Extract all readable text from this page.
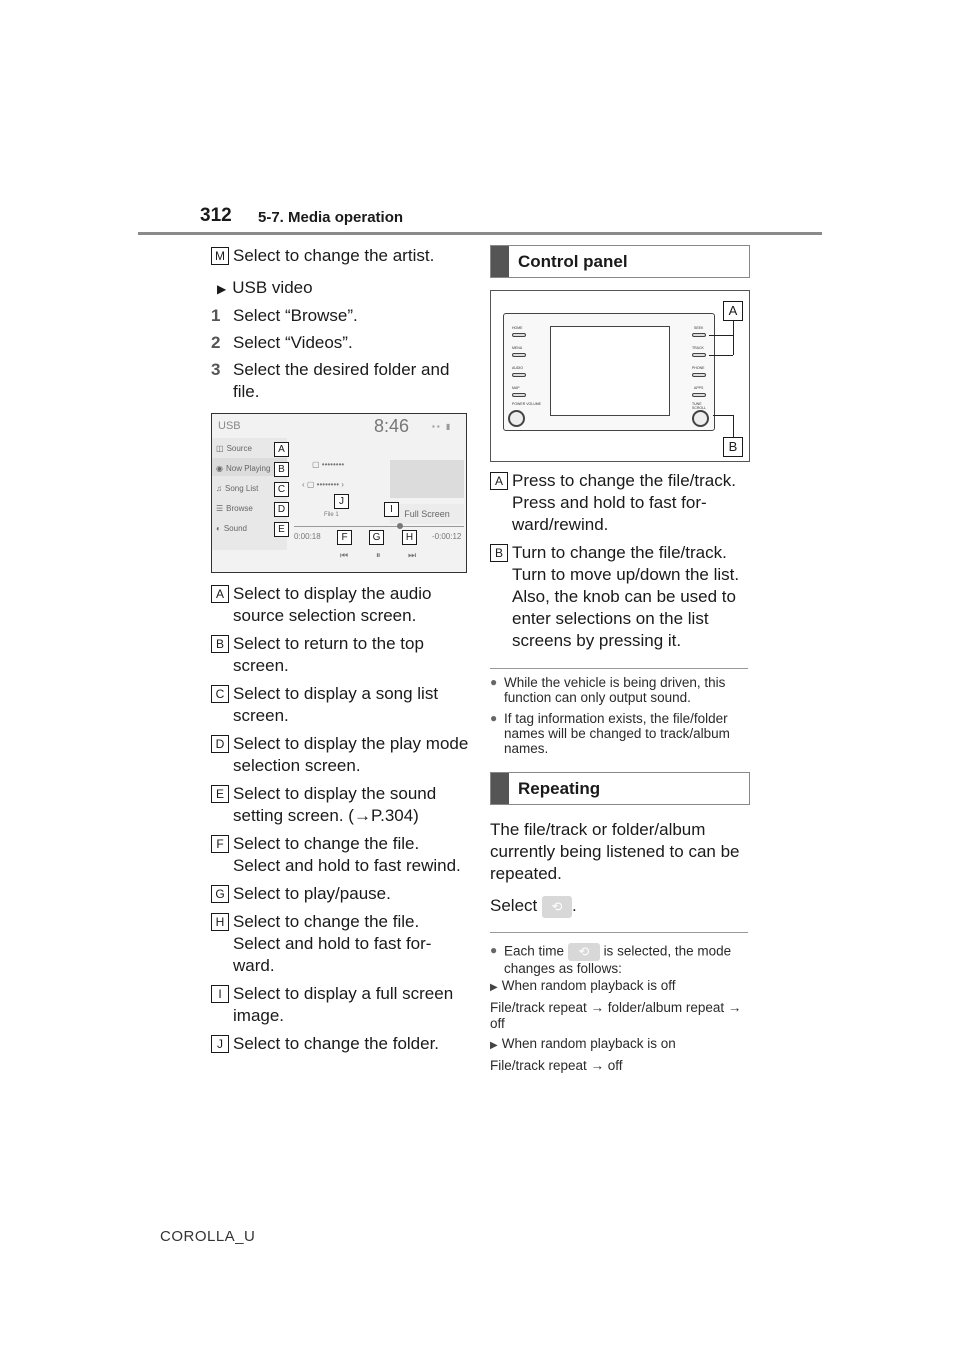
312 5-7. Media operation
M Select to change the artist.
▶ USB video
1 Select “Browse”.
2 Select “Videos”.
3 Select the desired folder and file.
USB	8:46	▪▪ ▮
◫ Source
◉ Now Playing
♫ Song List
☰ Browse
◐ Sound
▢ ••••••••
‹ ▢ •••••••• ›
File 1	Full Screen
0:00:18	-0:00:12
⏮	⏸	⏭
A
B
C
D
E
F	G	H
I
J
A Select to display the audio source selection screen.
B Select to return to the top screen.
C Select to display a song list screen.
D Select to display the play mode selection screen.
E Select to display the sound setting screen. (→P.304)
F Select to change the file. Select and hold to fast rewind.
G Select to play/pause.
H Select to change the file. Select and hold to fast for-ward.
I Select to display a full screen image.
J Select to change the folder.
Control panel
HOME
MENU
AUDIO
MAP
POWER VOLUME
SEEK
TRACK
PHONE
APPS
TUNE SCROLL
A
B
A Press to change the file/track. Press and hold to fast for-ward/rewind.
B Turn to change the file/track. Turn to move up/down the list. Also, the knob can be used to enter selections on the list screens by pressing it.
● While the vehicle is being driven, this function can only output sound.
● If tag information exists, the file/folder names will be changed to track/album names.
Repeating
The file/track or folder/album currently being listened to can be repeated.
Select ⟲ .
● Each time ⟲ is selected, the mode changes as follows:
▶ When random playback is off
File/track repeat → folder/album repeat → off
▶ When random playback is on
File/track repeat → off
COROLLA_U
